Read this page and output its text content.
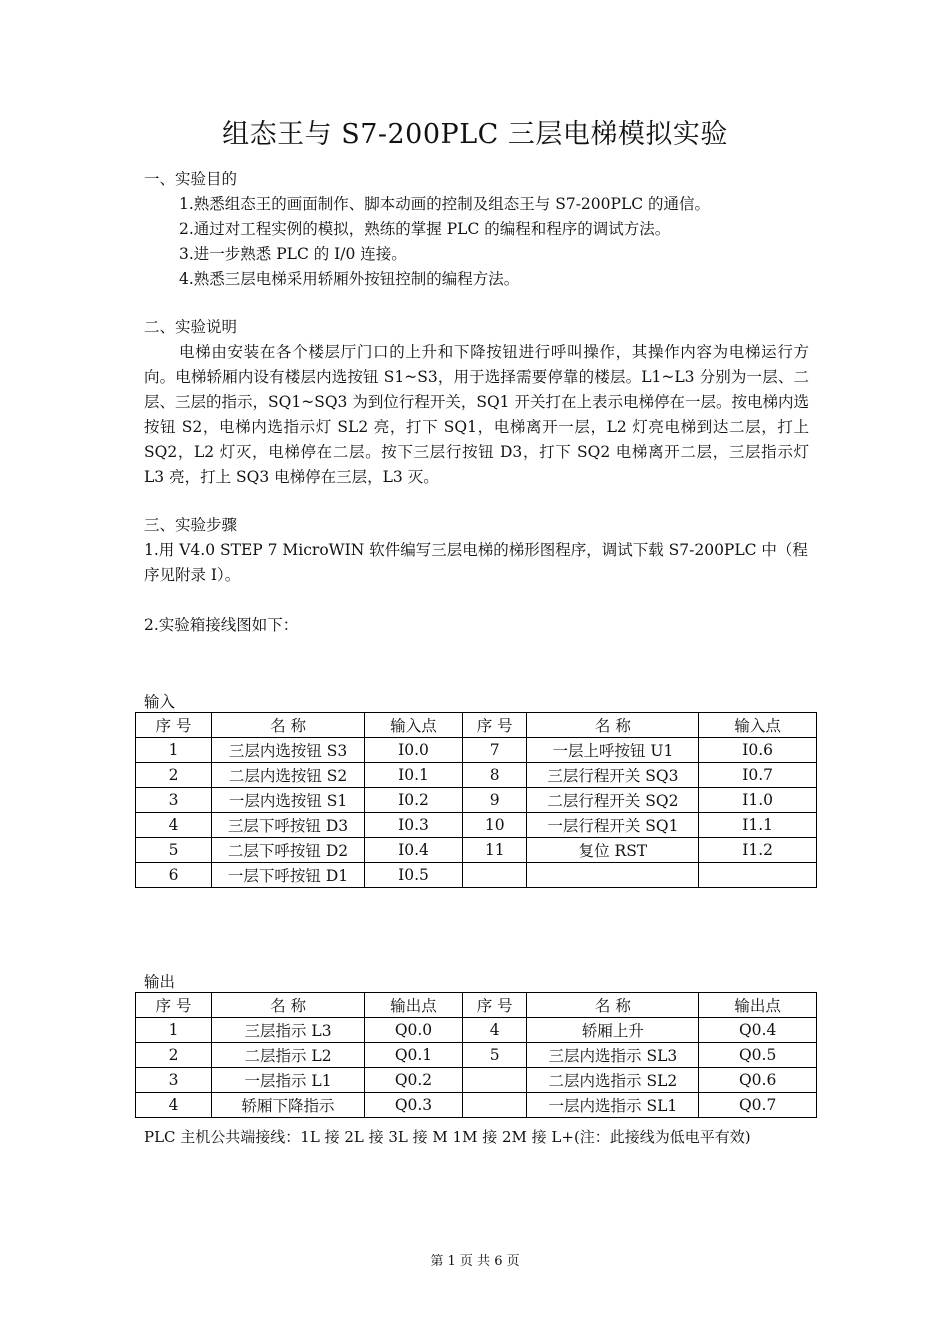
组态王与 S7-200PLC 三层电梯模拟实验

一、实验目的

1.熟悉组态王的画面制作、脚本动画的控制及组态王与 S7-200PLC 的通信。

2.通过对工程实例的模拟，熟练的掌握 PLC 的编程和程序的调试方法。

3.进一步熟悉 PLC 的 I/0 连接。

4.熟悉三层电梯采用轿厢外按钮控制的编程方法。

二、实验说明

电梯由安装在各个楼层厅门口的上升和下降按钮进行呼叫操作，其操作内容为电梯运行方向。电梯轿厢内设有楼层内选按钮 S1~S3，用于选择需要停靠的楼层。L1~L3 分别为一层、二层、三层的指示，SQ1~SQ3 为到位行程开关，SQ1 开关打在上表示电梯停在一层。按电梯内选按钮 S2，电梯内选指示灯 SL2 亮，打下 SQ1，电梯离开一层，L2 灯亮电梯到达二层，打上 SQ2，L2 灯灭，电梯停在二层。按下三层行按钮 D3，打下 SQ2 电梯离开二层，三层指示灯 L3 亮，打上 SQ3 电梯停在三层，L3 灭。

三、实验步骤

1.用 V4.0 STEP 7 MicroWIN 软件编写三层电梯的梯形图程序，调试下载 S7-200PLC 中（程序见附录 I）。

2.实验箱接线图如下：

输入
序 号	名 称	输入点	序 号	名 称	输入点
1	三层内选按钮 S3	I0.0	7	一层上呼按钮 U1	I0.6
2	二层内选按钮 S2	I0.1	8	三层行程开关 SQ3	I0.7
3	一层内选按钮 S1	I0.2	9	二层行程开关 SQ2	I1.0
4	三层下呼按钮 D3	I0.3	10	一层行程开关 SQ1	I1.1
5	二层下呼按钮 D2	I0.4	11	复位 RST	I1.2
6	一层下呼按钮 D1	I0.5			
输出
序 号	名 称	输出点	序 号	名 称	输出点
1	三层指示 L3	Q0.0	4	轿厢上升	Q0.4
2	二层指示 L2	Q0.1	5	三层内选指示 SL3	Q0.5
3	一层指示 L1	Q0.2		二层内选指示 SL2	Q0.6
4	轿厢下降指示	Q0.3		一层内选指示 SL1	Q0.7
PLC 主机公共端接线：1L 接 2L 接 3L 接 M 1M 接 2M 接 L+(注：此接线为低电平有效)
第 1 页 共 6 页
